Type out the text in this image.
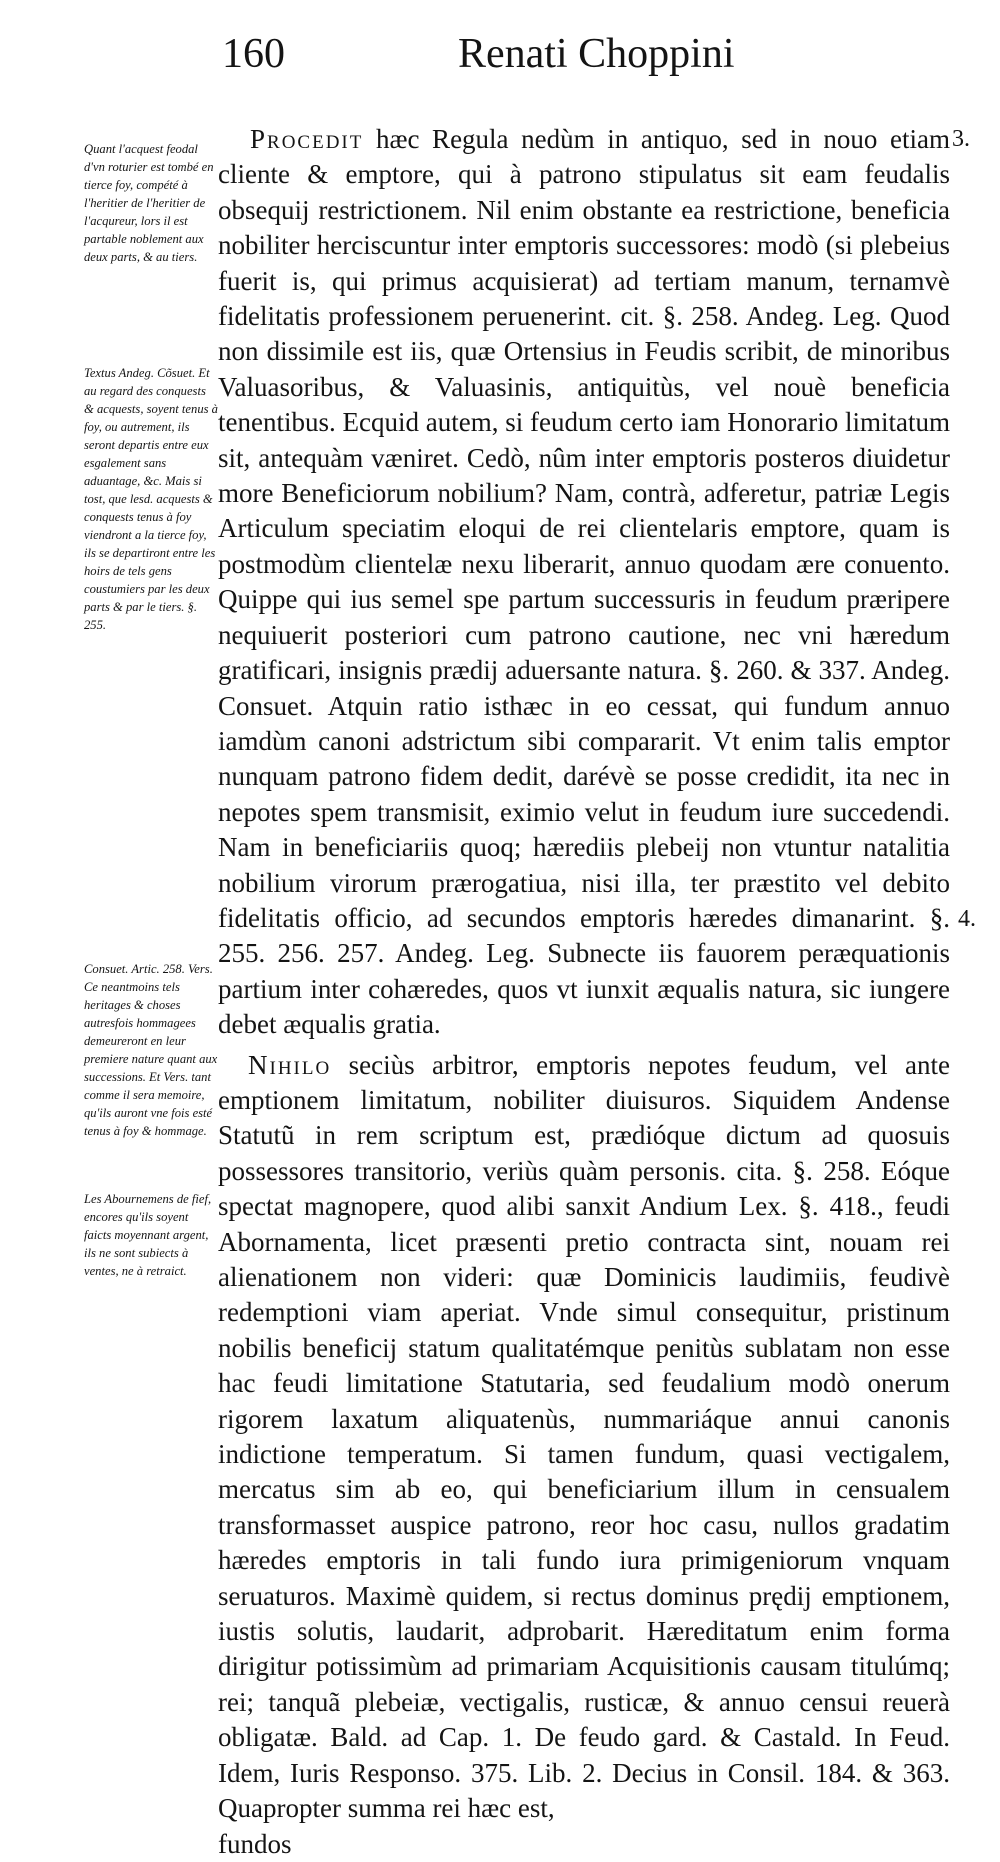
160	Renati Choppini
Quant l'acquest feodal d'vn roturier est tombé en tierce foy, compété à l'heritier de l'heritier de l'acqureur, lors il est partable noblement aux deux parts, & au tiers.
Textus Andeg. Cõsuet. Et au regard des conquests & acquests, soyent tenus à foy, ou autrement, ils seront departis entre eux esgalement sans aduantage, &c. Mais si tost, que lesd. acquests & conquests tenus à foy viendront a la tierce foy, ils se departiront entre les hoirs de tels gens coustumiers par les deux parts & par le tiers. §. 255.
Consuet. Artic. 258. Vers. Ce neantmoins tels heritages & choses autresfois hommagees demeureront en leur premiere nature quant aux successions. Et Vers. tant comme il sera memoire, qu'ils auront vne fois esté tenus à foy & hommage.
Les Abournemens de fief, encores qu'ils soyent faicts moyennant argent, ils ne sont subiects à ventes, ne à retraict.
3.
4.

Procedit hæc Regula nedùm in antiquo, sed in nouo etiam cliente & emptore, qui à patrono stipulatus sit eam feudalis obsequij restrictionem. Nil enim obstante ea restrictione, beneficia nobiliter herciscuntur inter emptoris successores: modò (si plebeius fuerit is, qui primus acquisierat) ad tertiam manum, ternamvè fidelitatis professionem peruenerint. cit. §. 258. Andeg. Leg. Quod non dissimile est iis, quæ Ortensius in Feudis scribit, de minoribus Valuasoribus, & Valuasinis, antiquitùs, vel nouè beneficia tenentibus. Ecquid autem, si feudum certo iam Honorario limitatum sit, antequàm væniret. Cedò, nûm inter emptoris posteros diuidetur more Beneficiorum nobilium? Nam, contrà, adferetur, patriæ Legis Articulum speciatim eloqui de rei clientelaris emptore, quam is postmodùm clientelæ nexu liberarit, annuo quodam ære conuento. Quippe qui ius semel spe partum successuris in feudum præripere nequiuerit posteriori cum patrono cautione, nec vni hæredum gratificari, insignis prædij aduersante natura. §. 260. & 337. Andeg. Consuet. Atquin ratio isthæc in eo cessat, qui fundum annuo iamdùm canoni adstrictum sibi compararit. Vt enim talis emptor nunquam patrono fidem dedit, darévè se posse credidit, ita nec in nepotes spem transmisit, eximio velut in feudum iure succedendi. Nam in beneficiariis quoq; hærediis plebeij non vtuntur natalitia nobilium virorum prærogatiua, nisi illa, ter præstito vel debito fidelitatis officio, ad secundos emptoris hæredes dimanarint. §. 255. 256. 257. Andeg. Leg. Subnecte iis fauorem peræquationis partium inter cohæredes, quos vt iunxit æqualis natura, sic iungere debet æqualis gratia.

Nihilo seciùs arbitror, emptoris nepotes feudum, vel ante emptionem limitatum, nobiliter diuisuros. Siquidem Andense Statutũ in rem scriptum est, prædióque dictum ad quosuis possessores transitorio, veriùs quàm personis. cita. §. 258. Eóque spectat magnopere, quod alibi sanxit Andium Lex. §. 418., feudi Abornamenta, licet præsenti pretio contracta sint, nouam rei alienationem non videri: quæ Dominicis laudimiis, feudivè redemptioni viam aperiat. Vnde simul consequitur, pristinum nobilis beneficij statum qualitatémque penitùs sublatam non esse hac feudi limitatione Statutaria, sed feudalium modò onerum rigorem laxatum aliquatenùs, nummariáque annui canonis indictione temperatum. Si tamen fundum, quasi vectigalem, mercatus sim ab eo, qui beneficiarium illum in censualem transformasset auspice patrono, reor hoc casu, nullos gradatim hæredes emptoris in tali fundo iura primigeniorum vnquam seruaturos. Maximè quidem, si rectus dominus prędij emptionem, iustis solutis, laudarit, adprobarit. Hæreditatum enim forma dirigitur potissimùm ad primariam Acquisitionis causam titulúmq; rei; tanquã plebeiæ, vectigalis, rusticæ, & annuo censui reuerà obligatæ. Bald. ad Cap. 1. De feudo gard. & Castald. In Feud. Idem, Iuris Responso. 375. Lib. 2. Decius in Consil. 184. & 363. Quapropter summa rei hæc est,

fundos
